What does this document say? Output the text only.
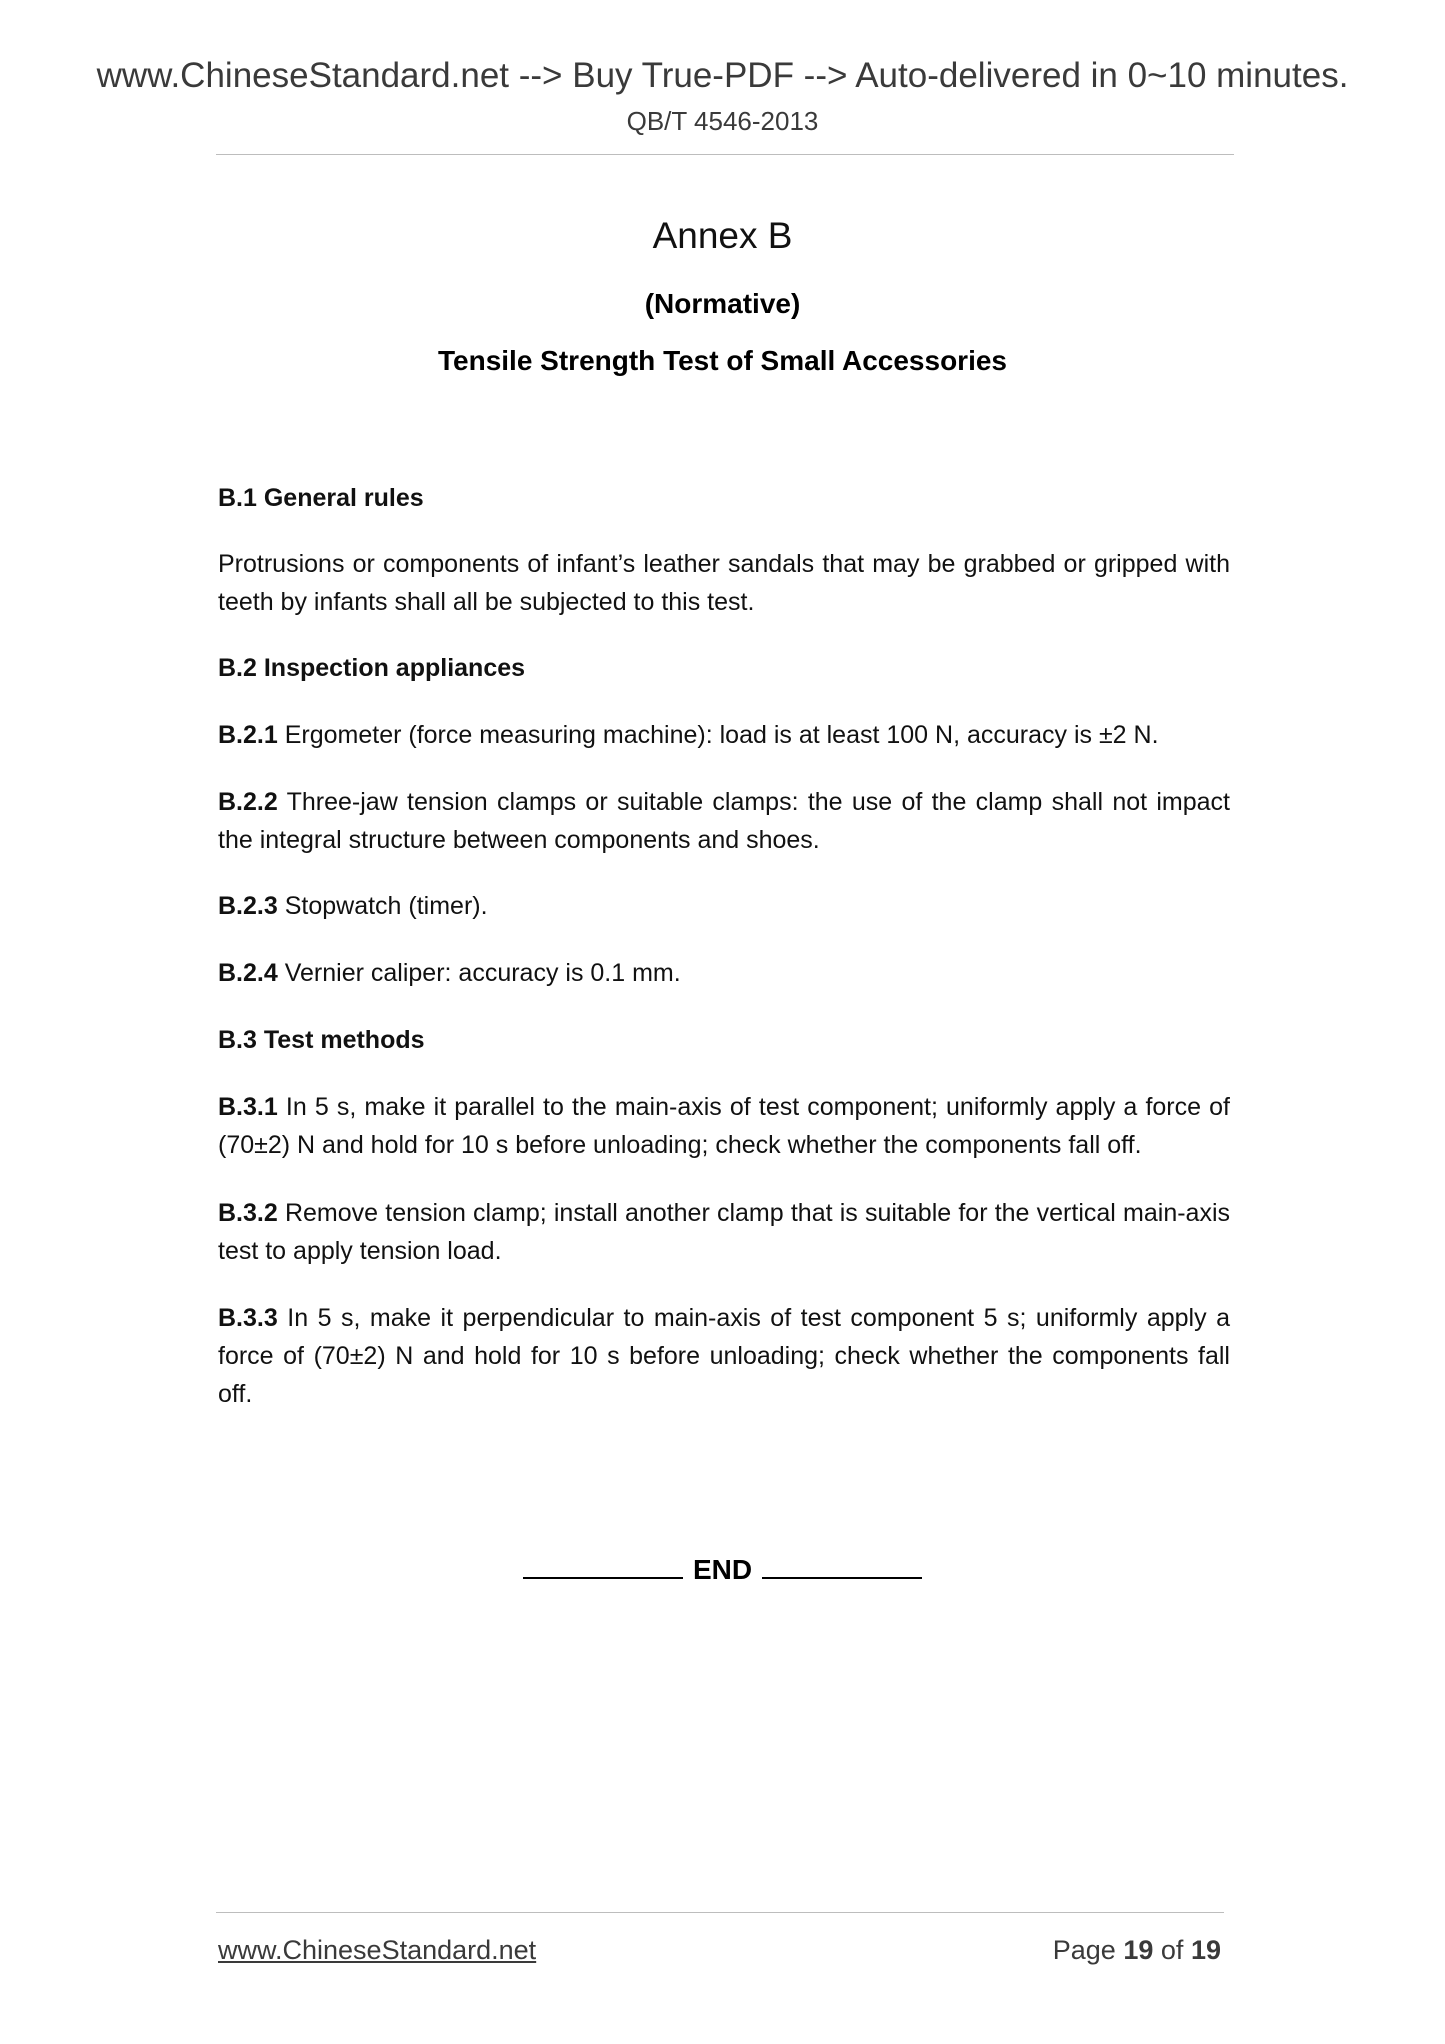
www.ChineseStandard.net --> Buy True-PDF --> Auto-delivered in 0~10 minutes.
QB/T 4546-2013
Annex B
(Normative)
Tensile Strength Test of Small Accessories
B.1 General rules
Protrusions or components of infant’s leather sandals that may be grabbed or gripped with teeth by infants shall all be subjected to this test.
B.2 Inspection appliances
B.2.1 Ergometer (force measuring machine): load is at least 100 N, accuracy is ±2 N.
B.2.2 Three-jaw tension clamps or suitable clamps: the use of the clamp shall not impact the integral structure between components and shoes.
B.2.3 Stopwatch (timer).
B.2.4 Vernier caliper: accuracy is 0.1 mm.
B.3 Test methods
B.3.1 In 5 s, make it parallel to the main-axis of test component; uniformly apply a force of (70±2) N and hold for 10 s before unloading; check whether the components fall off.
B.3.2 Remove tension clamp; install another clamp that is suitable for the vertical main-axis test to apply tension load.
B.3.3 In 5 s, make it perpendicular to main-axis of test component 5 s; uniformly apply a force of (70±2) N and hold for 10 s before unloading; check whether the components fall off.
END
www.ChineseStandard.net	Page 19 of 19
